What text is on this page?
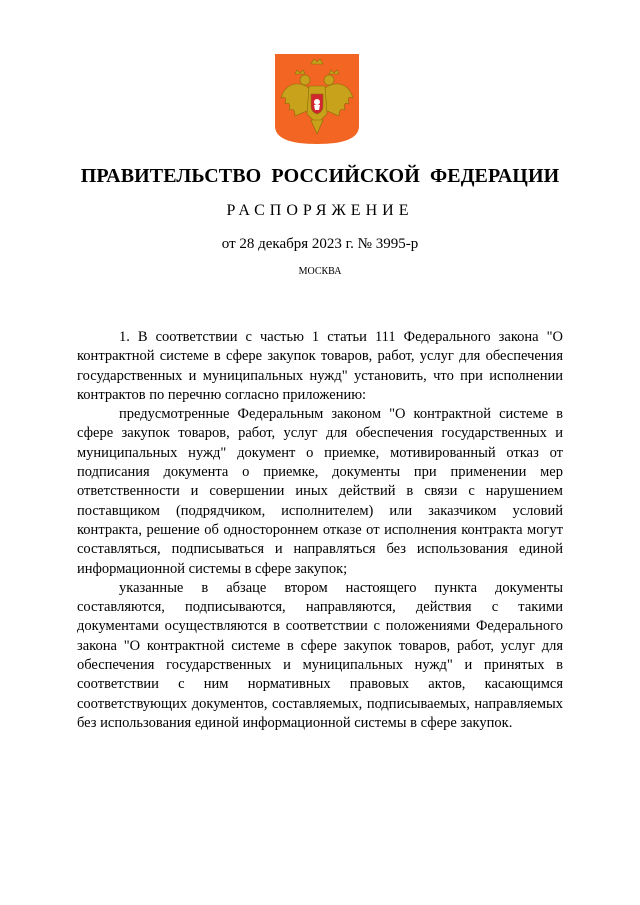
ПРАВИТЕЛЬСТВО РОССИЙСКОЙ ФЕДЕРАЦИИ
РАСПОРЯЖЕНИЕ
от 28 декабря 2023 г. № 3995-р
МОСКВА

1. В соответствии с частью 1 статьи 111 Федерального закона "О контрактной системе в сфере закупок товаров, работ, услуг для обеспечения государственных и муниципальных нужд" установить, что при исполнении контрактов по перечню согласно приложению:

предусмотренные Федеральным законом "О контрактной системе в сфере закупок товаров, работ, услуг для обеспечения государственных и муниципальных нужд" документ о приемке, мотивированный отказ от подписания документа о приемке, документы при применении мер ответственности и совершении иных действий в связи с нарушением поставщиком (подрядчиком, исполнителем) или заказчиком условий контракта, решение об одностороннем отказе от исполнения контракта могут составляться, подписываться и направляться без использования единой информационной системы в сфере закупок;

указанные в абзаце втором настоящего пункта документы составляются, подписываются, направляются, действия с такими документами осуществляются в соответствии с положениями Федерального закона "О контрактной системе в сфере закупок товаров, работ, услуг для обеспечения государственных и муниципальных нужд" и принятых в соответствии с ним нормативных правовых актов, касающимся соответствующих документов, составляемых, подписываемых, направляемых без использования единой информационной системы в сфере закупок.
